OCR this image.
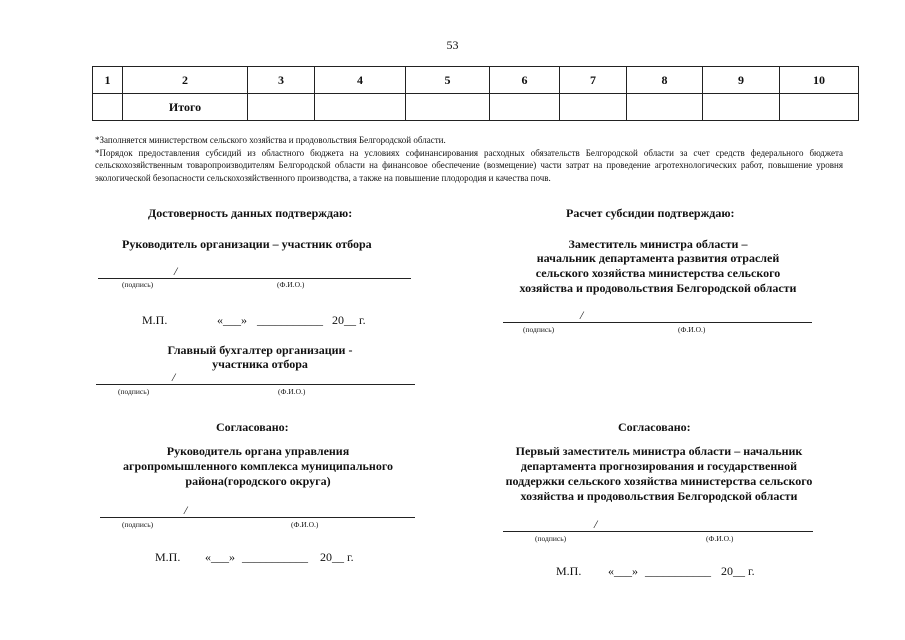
53
1	2	3	4	5	6	7	8	9	10
	Итого								

*Заполняется министерством сельского хозяйства и продовольствия Белгородской области.

*Порядок предоставления субсидий из областного бюджета на условиях софинансирования расходных обязательств Белгородской области за счет средств федерального бюджета сельскохозяйственным товаропроизводителям Белгородской области на финансовое обеспечение (возмещение) части затрат на проведение агротехнологических работ, повышение уровня экологической безопасности сельскохозяйственного производства, а также на повышение плодородия и качества почв.

Достоверность данных подтверждаю:
Руководитель организации – участник отбора
/
(подпись)	(Ф.И.О.)
М.П.	«___» ___________ 20__ г.
Главный бухгалтер организации -
участника отбора
/
(подпись)	(Ф.И.О.)
Согласовано:
Руководитель органа управления
агропромышленного комплекса муниципального
района(городского округа)
/
(подпись)	(Ф.И.О.)
М.П. «___» ___________ 20__ г.
Расчет субсидии подтверждаю:
Заместитель министра области –
начальник департамента развития отраслей
сельского хозяйства министерства сельского
хозяйства и продовольствия Белгородской области
/
(подпись)	(Ф.И.О.)
Согласовано:
Первый заместитель министра области – начальник
департамента прогнозирования и государственной
поддержки сельского хозяйства министерства сельского
хозяйства и продовольствия Белгородской области
/
(подпись)	(Ф.И.О.)
М.П. «___» ___________ 20__ г.
